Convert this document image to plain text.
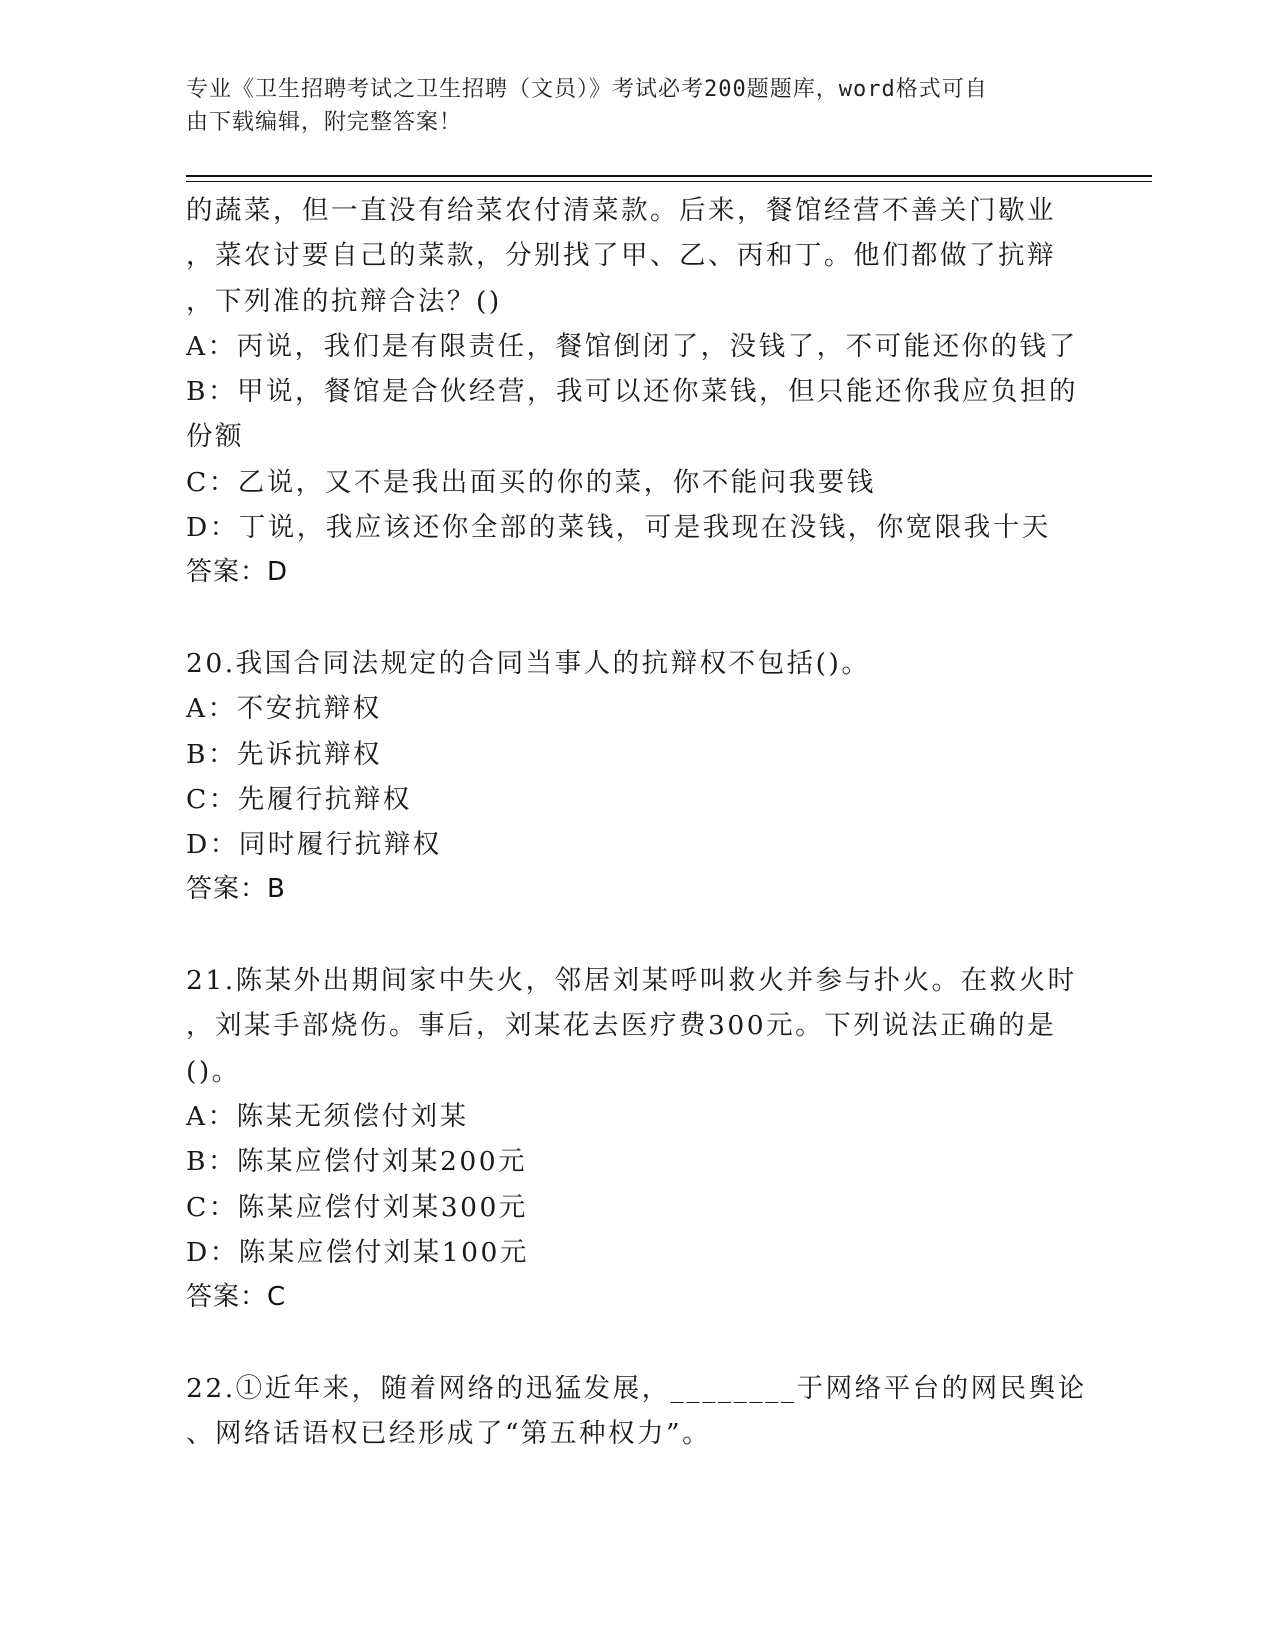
专业《卫生招聘考试之卫生招聘（文员）》考试必考200题题库，word格式可自
由下载编辑，附完整答案！
的蔬菜，但一直没有给菜农付清菜款。后来，餐馆经营不善关门歇业
，菜农讨要自己的菜款，分别找了甲、乙、丙和丁。他们都做了抗辩
，下列准的抗辩合法？()
A：丙说，我们是有限责任，餐馆倒闭了，没钱了，不可能还你的钱了
B：甲说，餐馆是合伙经营，我可以还你菜钱，但只能还你我应负担的
份额
C：乙说，又不是我出面买的你的菜，你不能问我要钱
D：丁说，我应该还你全部的菜钱，可是我现在没钱，你宽限我十天
答案：D
20.我国合同法规定的合同当事人的抗辩权不包括()。
A：不安抗辩权
B：先诉抗辩权
C：先履行抗辩权
D：同时履行抗辩权
答案：B
21.陈某外出期间家中失火，邻居刘某呼叫救火并参与扑火。在救火时
，刘某手部烧伤。事后，刘某花去医疗费300元。下列说法正确的是
()。
A：陈某无须偿付刘某
B：陈某应偿付刘某200元
C：陈某应偿付刘某300元
D：陈某应偿付刘某100元
答案：C
22.①近年来，随着网络的迅猛发展，________于网络平台的网民舆论
、网络话语权已经形成了“第五种权力”。
